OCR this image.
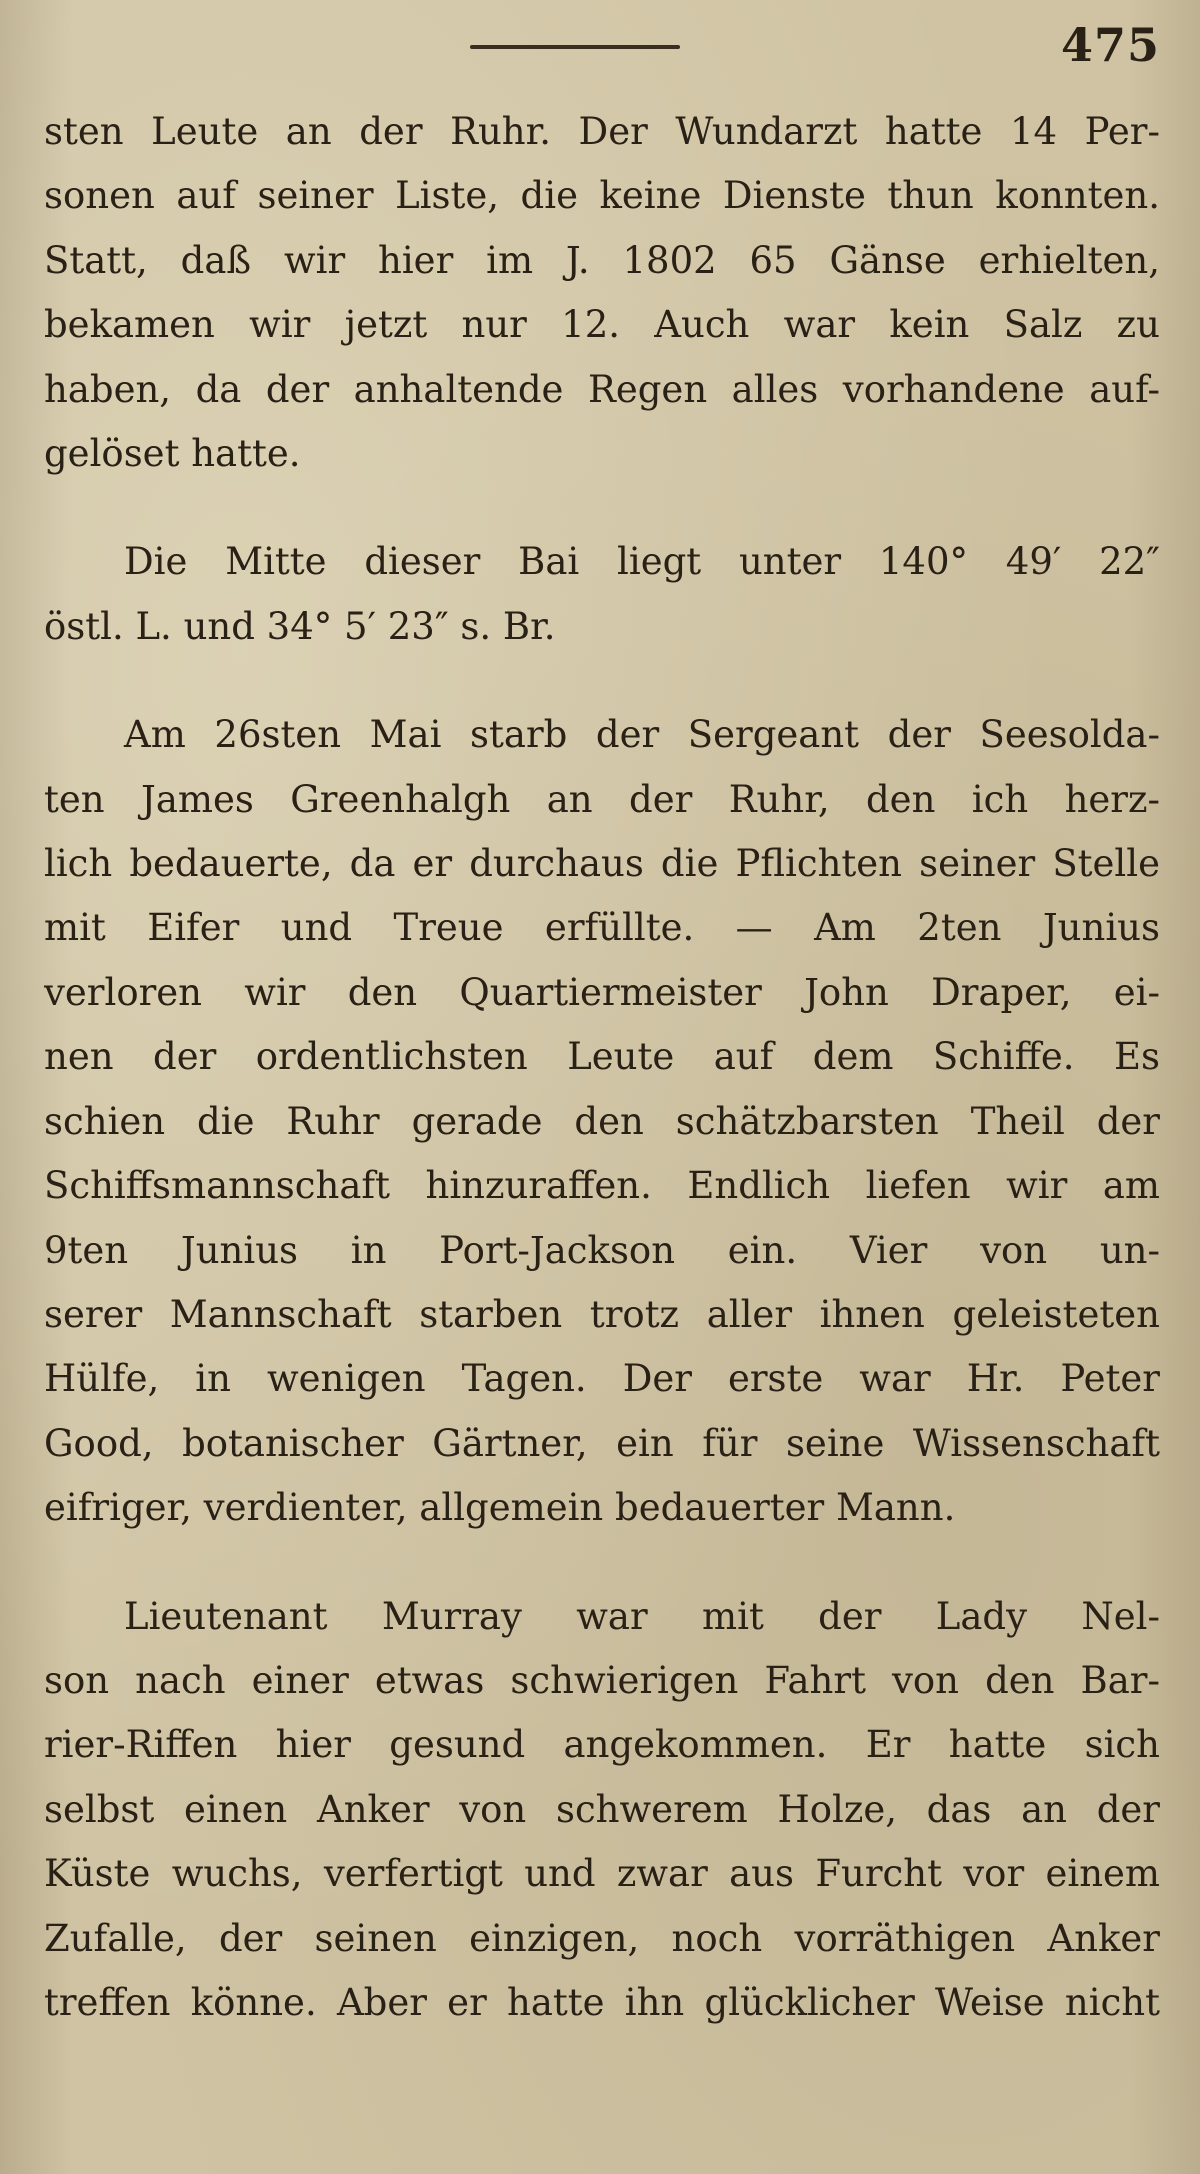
475

sten Leute an der Ruhr. Der Wundarzt hatte 14 Per-
sonen auf seiner Liste, die keine Dienste thun konnten.
Statt, daß wir hier im J. 1802 65 Gänse erhielten,
bekamen wir jetzt nur 12. Auch war kein Salz zu
haben, da der anhaltende Regen alles vorhandene auf-
gelöset hatte.

Die Mitte dieser Bai liegt unter 140° 49′ 22″
östl. L. und 34° 5′ 23″ s. Br.

Am 26sten Mai starb der Sergeant der Seesolda-
ten James Greenhalgh an der Ruhr, den ich herz-
lich bedauerte, da er durchaus die Pflichten seiner Stelle
mit Eifer und Treue erfüllte. — Am 2ten Junius
verloren wir den Quartiermeister John Draper, ei-
nen der ordentlichsten Leute auf dem Schiffe. Es
schien die Ruhr gerade den schätzbarsten Theil der
Schiffsmannschaft hinzuraffen. Endlich liefen wir am
9ten Junius in Port-Jackson ein. Vier von un-
serer Mannschaft starben trotz aller ihnen geleisteten
Hülfe, in wenigen Tagen. Der erste war Hr. Peter
Good, botanischer Gärtner, ein für seine Wissenschaft
eifriger, verdienter, allgemein bedauerter Mann.

Lieutenant Murray war mit der Lady Nel-
son nach einer etwas schwierigen Fahrt von den Bar-
rier-Riffen hier gesund angekommen. Er hatte sich
selbst einen Anker von schwerem Holze, das an der
Küste wuchs, verfertigt und zwar aus Furcht vor einem
Zufalle, der seinen einzigen, noch vorräthigen Anker
treffen könne. Aber er hatte ihn glücklicher Weise nicht
